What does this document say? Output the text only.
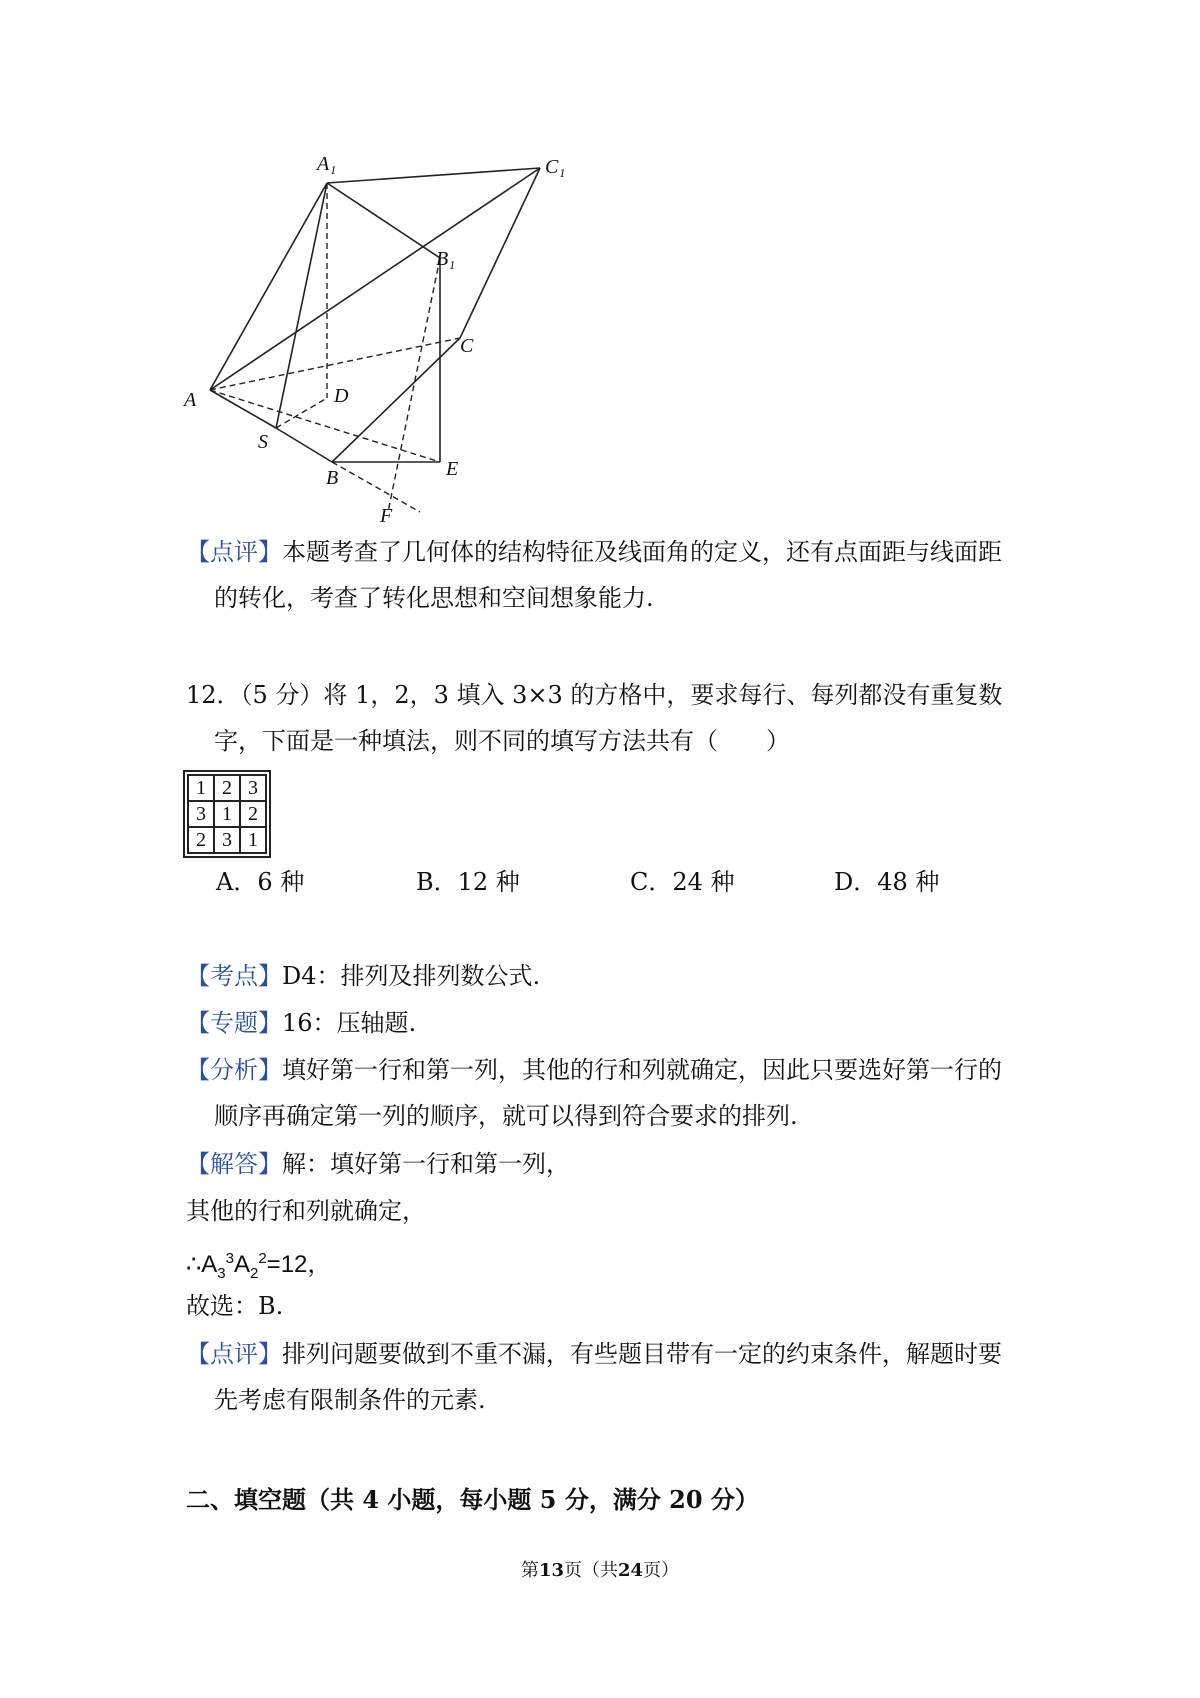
A₁	C₁
B₁
C
A	D
S
B	E
F
【点评】本题考查了几何体的结构特征及线面角的定义，还有点面距与线面距
的转化，考查了转化思想和空间想象能力.
12．（5 分）将 1，2，3 填入 3×3 的方格中，要求每行、每列都没有重复数
字，下面是一种填法，则不同的填写方法共有（　　）
1	2	3
3	1	2
2	3	1
A．6 种	B．12 种	C．24 种	D．48 种
【考点】D4：排列及排列数公式.
【专题】16：压轴题.
【分析】填好第一行和第一列，其他的行和列就确定，因此只要选好第一行的
顺序再确定第一列的顺序，就可以得到符合要求的排列.
【解答】解：填好第一行和第一列，
其他的行和列就确定，
$\therefore A_3^3A_2^2=12$，
故选：B.
【点评】排列问题要做到不重不漏，有些题目带有一定的约束条件，解题时要
先考虑有限制条件的元素.
二、填空题（共 4 小题，每小题 5 分，满分 20 分）
第13页（共24页）
